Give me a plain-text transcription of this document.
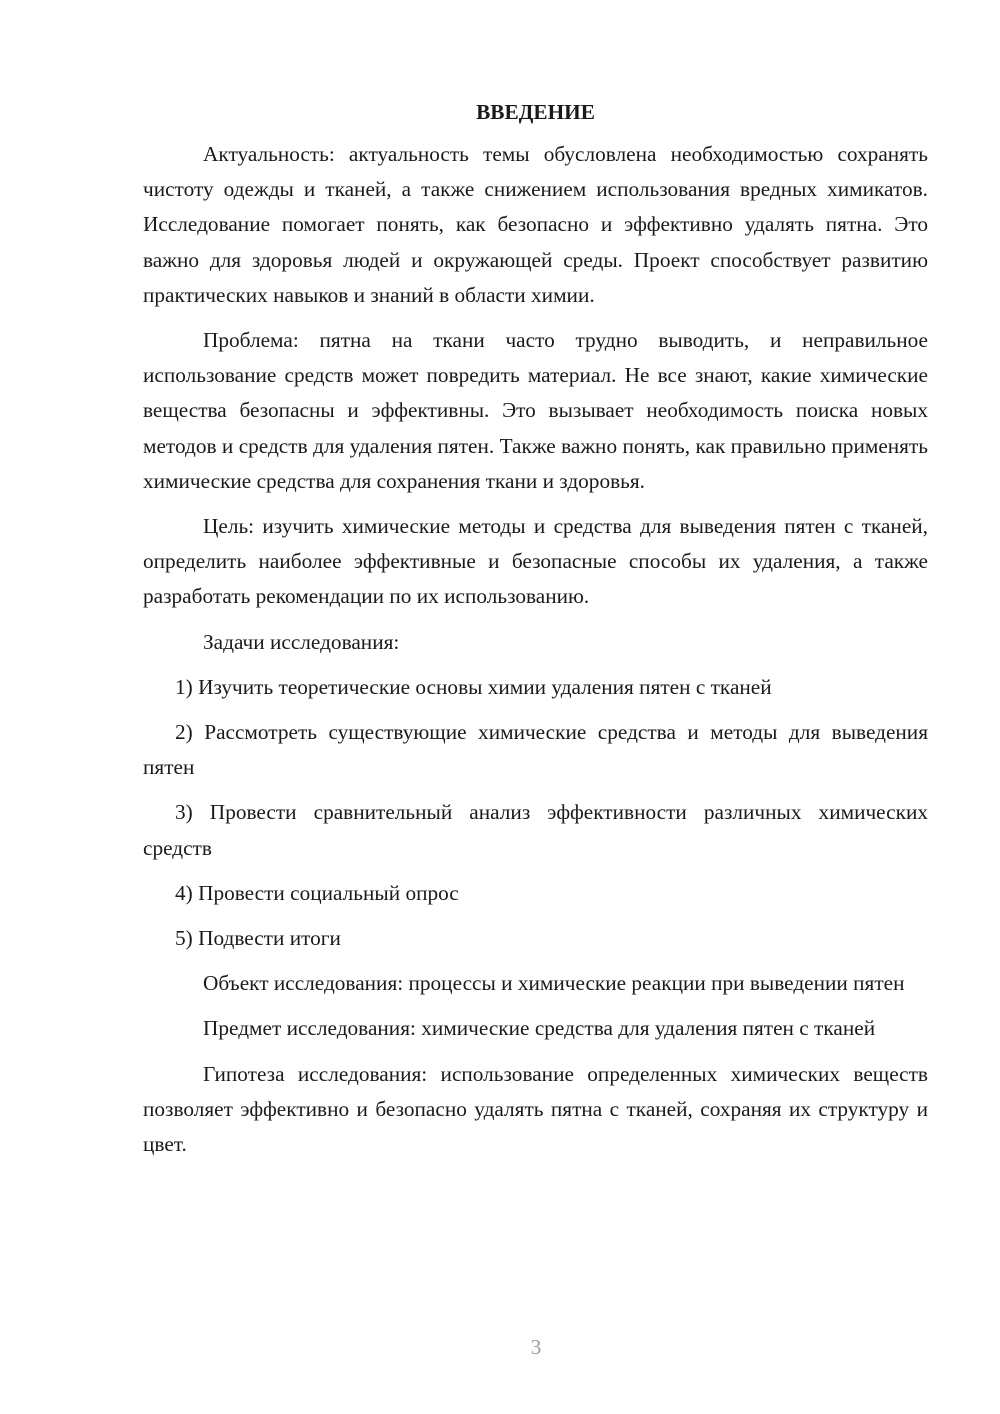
ВВЕДЕНИЕ
Актуальность: актуальность темы обусловлена необходимостью сохранять чистоту одежды и тканей, а также снижением использования вредных химикатов. Исследование помогает понять, как безопасно и эффективно удалять пятна. Это важно для здоровья людей и окружающей среды. Проект способствует развитию практических навыков и знаний в области химии.
Проблема: пятна на ткани часто трудно выводить, и неправильное использование средств может повредить материал. Не все знают, какие химические вещества безопасны и эффективны. Это вызывает необходимость поиска новых методов и средств для удаления пятен. Также важно понять, как правильно применять химические средства для сохранения ткани и здоровья.
Цель: изучить химические методы и средства для выведения пятен с тканей, определить наиболее эффективные и безопасные способы их удаления, а также разработать рекомендации по их использованию.
Задачи исследования:
1) Изучить теоретические основы химии удаления пятен с тканей
2) Рассмотреть существующие химические средства и методы для выведения пятен
3) Провести сравнительный анализ эффективности различных химических средств
4) Провести социальный опрос
5) Подвести итоги
Объект исследования: процессы и химические реакции при выведении пятен
Предмет исследования: химические средства для удаления пятен с тканей
Гипотеза исследования: использование определенных химических веществ позволяет эффективно и безопасно удалять пятна с тканей, сохраняя их структуру и цвет.
3
